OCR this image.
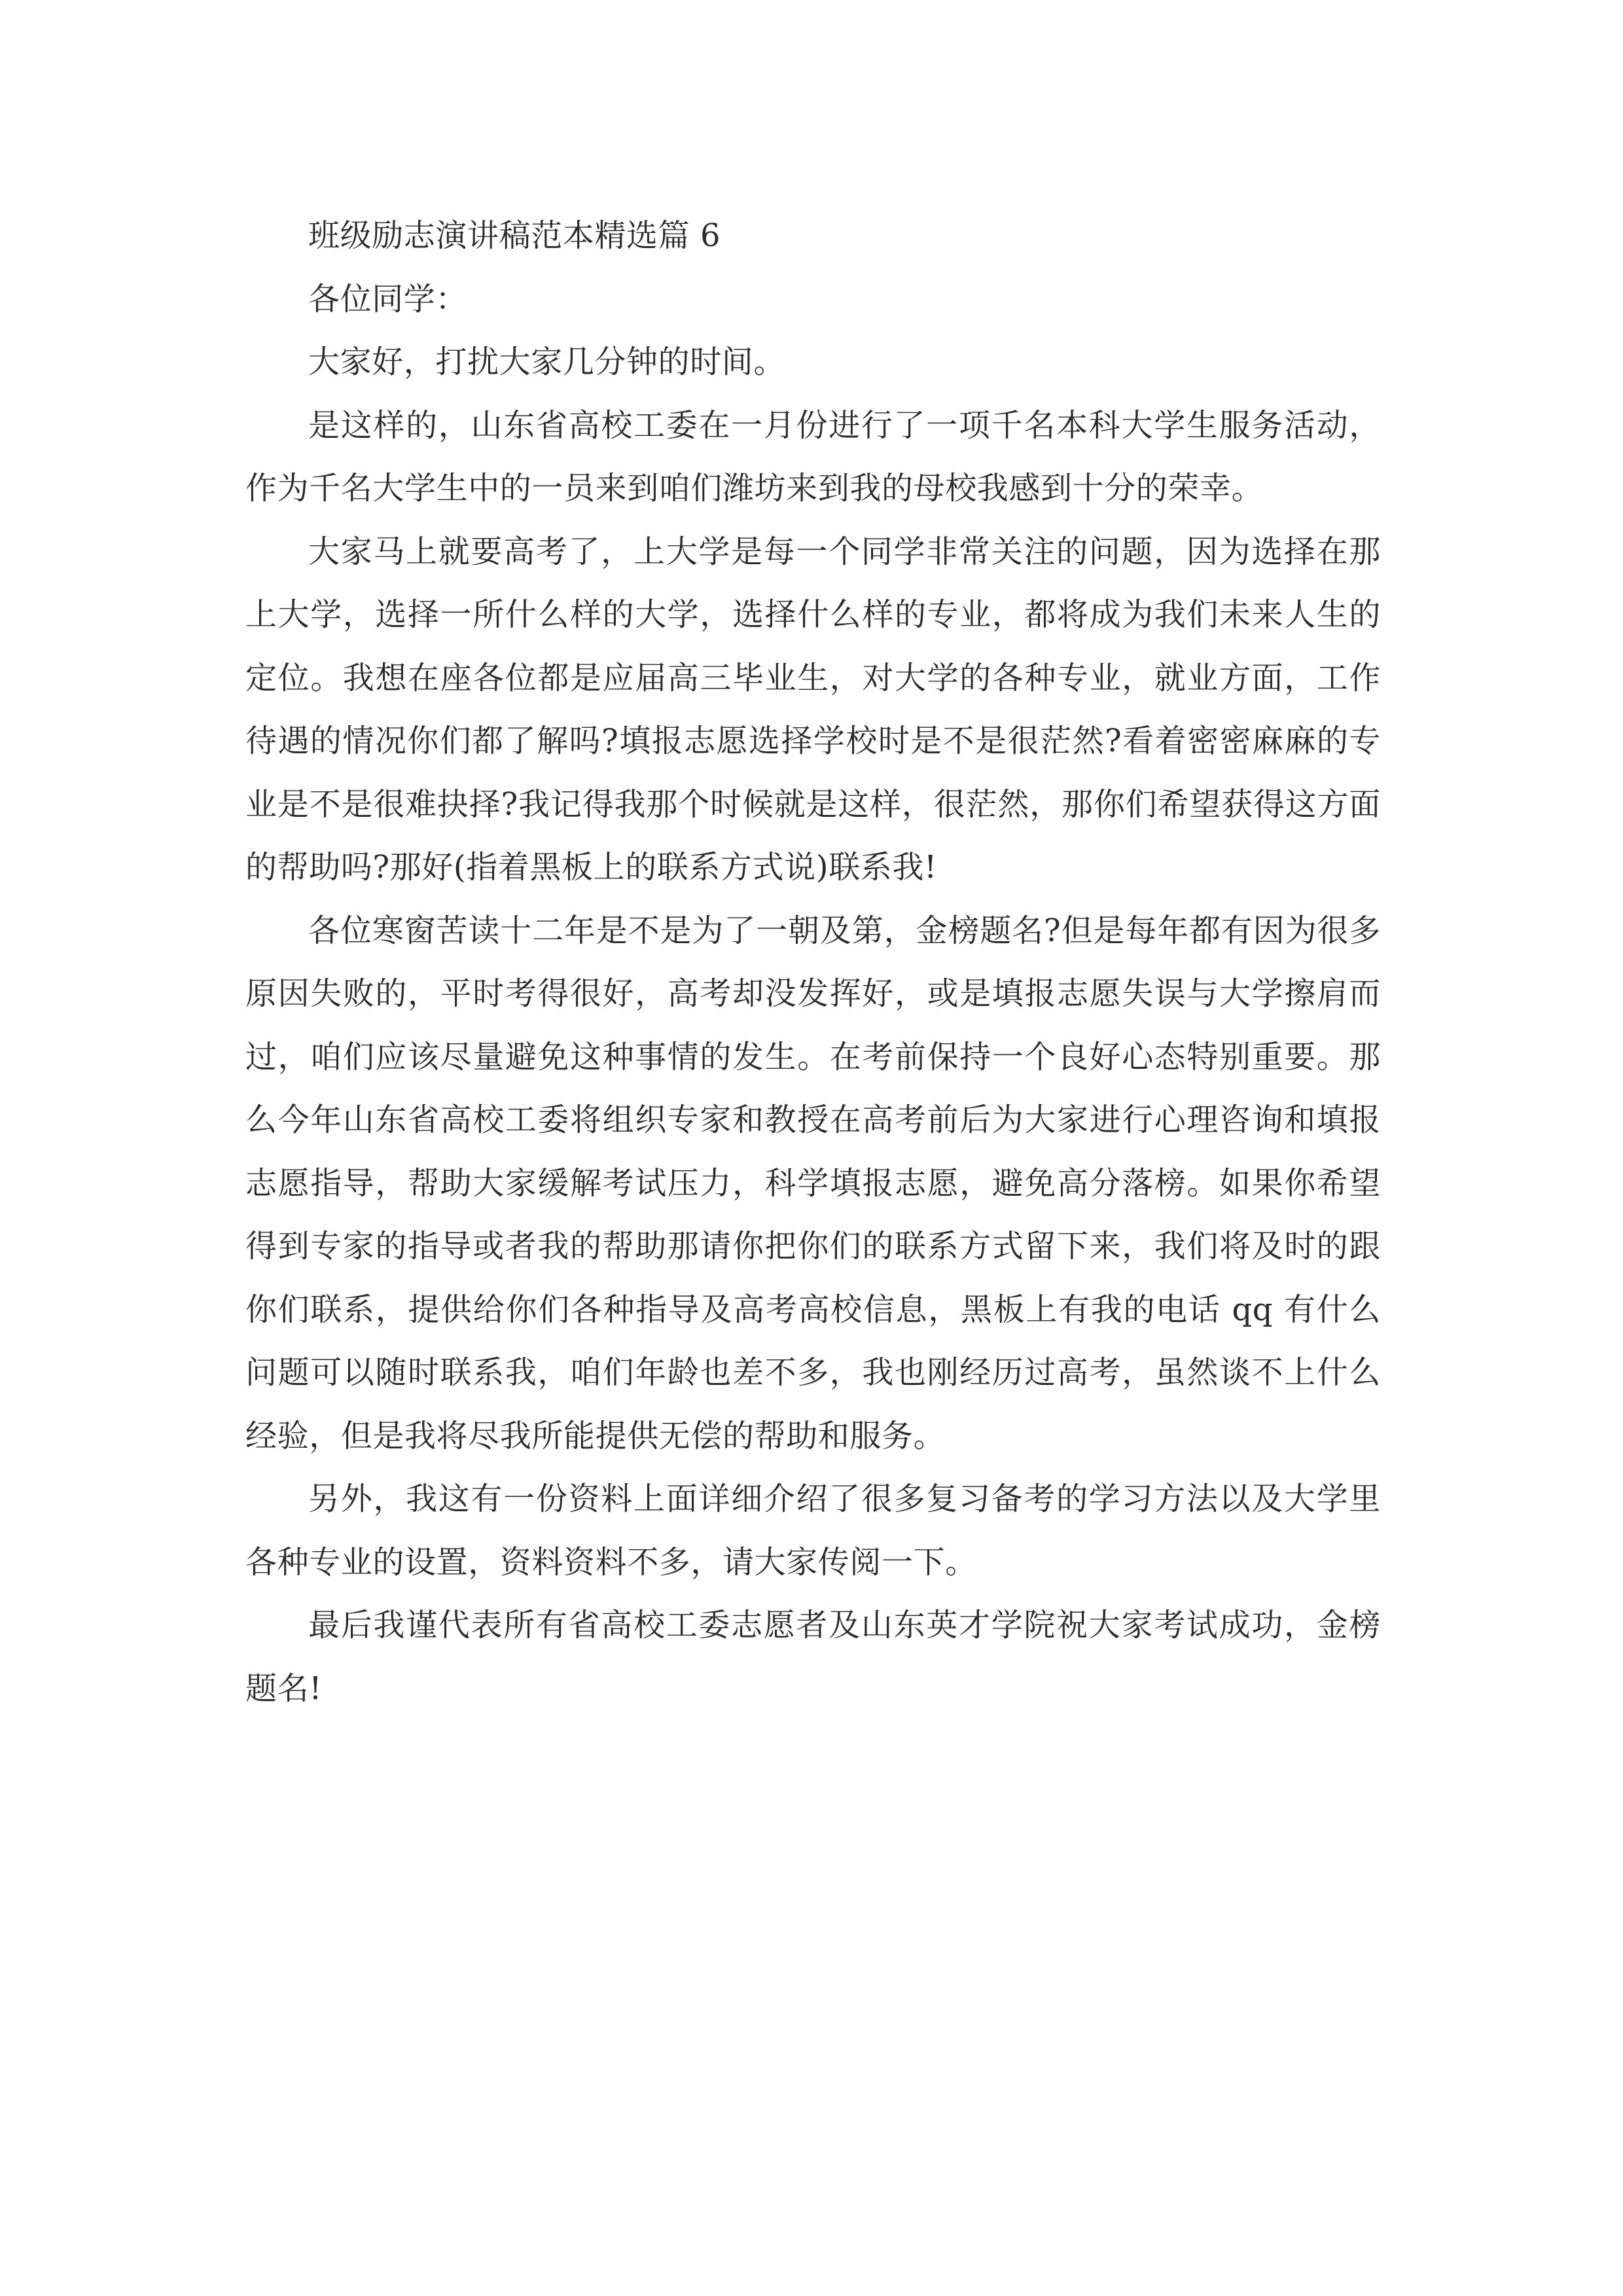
班级励志演讲稿范本精选篇 6

各位同学：

大家好，打扰大家几分钟的时间。

是这样的，山东省高校工委在一月份进行了一项千名本科大学生服务活动，作为千名大学生中的一员来到咱们潍坊来到我的母校我感到十分的荣幸。

大家马上就要高考了，上大学是每一个同学非常关注的问题，因为选择在那上大学，选择一所什么样的大学，选择什么样的专业，都将成为我们未来人生的定位。我想在座各位都是应届高三毕业生，对大学的各种专业，就业方面，工作待遇的情况你们都了解吗?填报志愿选择学校时是不是很茫然?看着密密麻麻的专业是不是很难抉择?我记得我那个时候就是这样，很茫然，那你们希望获得这方面的帮助吗?那好(指着黑板上的联系方式说)联系我!

各位寒窗苦读十二年是不是为了一朝及第，金榜题名?但是每年都有因为很多原因失败的，平时考得很好，高考却没发挥好，或是填报志愿失误与大学擦肩而过，咱们应该尽量避免这种事情的发生。在考前保持一个良好心态特别重要。那么今年山东省高校工委将组织专家和教授在高考前后为大家进行心理咨询和填报志愿指导，帮助大家缓解考试压力，科学填报志愿，避免高分落榜。如果你希望得到专家的指导或者我的帮助那请你把你们的联系方式留下来，我们将及时的跟你们联系，提供给你们各种指导及高考高校信息，黑板上有我的电话 qq 有什么问题可以随时联系我，咱们年龄也差不多，我也刚经历过高考，虽然谈不上什么经验，但是我将尽我所能提供无偿的帮助和服务。

另外，我这有一份资料上面详细介绍了很多复习备考的学习方法以及大学里各种专业的设置，资料资料不多，请大家传阅一下。

最后我谨代表所有省高校工委志愿者及山东英才学院祝大家考试成功，金榜题名!
